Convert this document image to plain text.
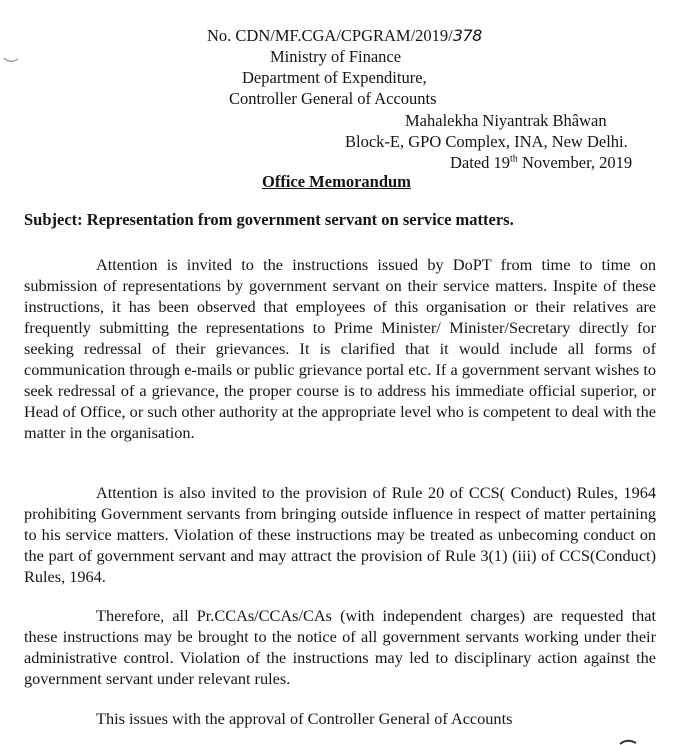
No. CDN/MF.CGA/CPGRAM/2019/378
Ministry of Finance
Department of Expenditure,
Controller General of Accounts
Mahalekha Niyantrak Bhâwan
Block-E, GPO Complex, INA, New Delhi.
Dated 19th November, 2019
Office Memorandum
Subject: Representation from government servant on service matters.

Attention is invited to the instructions issued by DoPT from time to time on submission of representations by government servant on their service matters. Inspite of these instructions, it has been observed that employees of this organisation or their relatives are frequently submitting the representations to Prime Minister/ Minister/Secretary directly for seeking redressal of their grievances. It is clarified that it would include all forms of communication through e-mails or public grievance portal etc. If a government servant wishes to seek redressal of a grievance, the proper course is to address his immediate official superior, or Head of Office, or such other authority at the appropriate level who is competent to deal with the matter in the organisation.

Attention is also invited to the provision of Rule 20 of CCS( Conduct) Rules, 1964 prohibiting Government servants from bringing outside influence in respect of matter pertaining to his service matters. Violation of these instructions may be treated as unbecoming conduct on the part of government servant and may attract the provision of Rule 3(1) (iii) of CCS(Conduct) Rules, 1964.

Therefore, all Pr.CCAs/CCAs/CAs (with independent charges) are requested that these instructions may be brought to the notice of all government servants working under their administrative control. Violation of the instructions may led to disciplinary action against the government servant under relevant rules.

This issues with the approval of Controller General of Accounts
